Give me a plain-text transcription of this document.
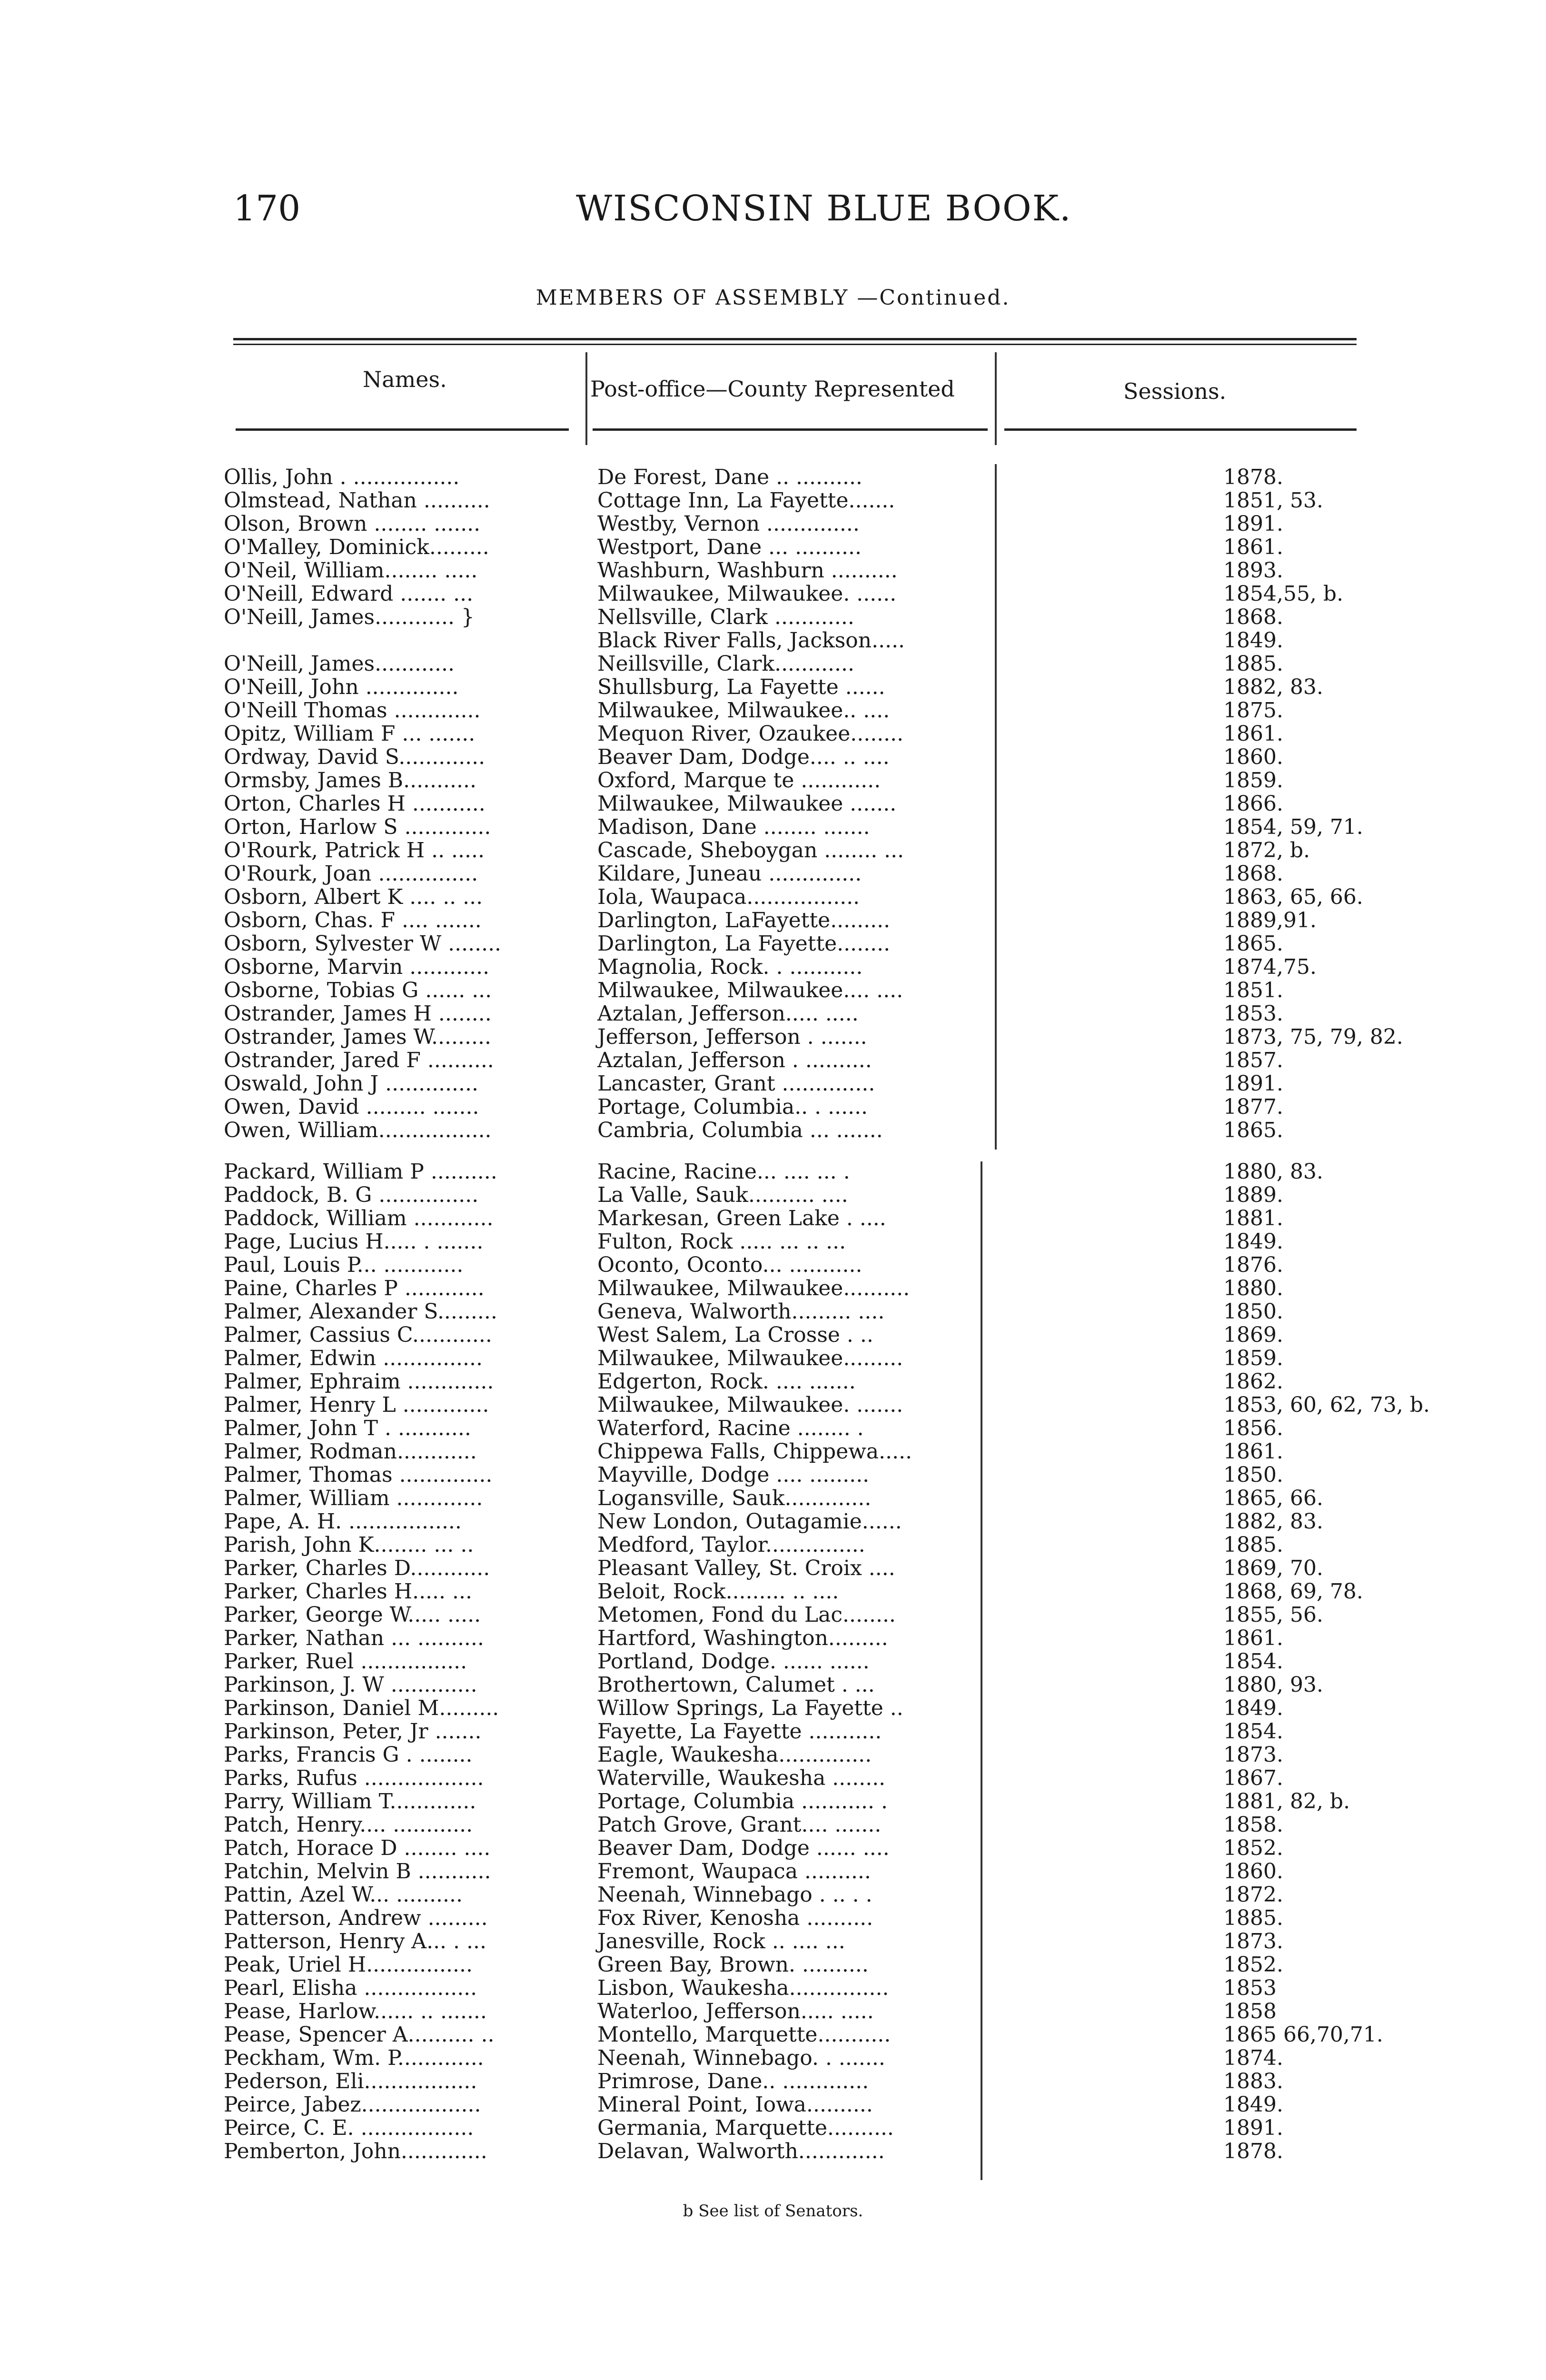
170	WISCONSIN BLUE BOOK.
MEMBERS OF ASSEMBLY —Continued.
Names.	Post-office—County Represented	Sessions.
Ollis, John . ................	De Forest, Dane .. ..........	1878.
Olmstead, Nathan ..........	Cottage Inn, La Fayette.......	1851, 53.
Olson, Brown ........ .......	Westby, Vernon ..............	1891.
O'Malley, Dominick.........	Westport, Dane ... ..........	1861.
O'Neil, William........ .....	Washburn, Washburn ..........	1893.
O'Neill, Edward ....... ...	Milwaukee, Milwaukee. ......	1854,55, b.
O'Neill, James............ }	Nellsville, Clark ............	1868.
Black River Falls, Jackson.....	1849.
O'Neill, James............	Neillsville, Clark............	1885.
O'Neill, John ..............	Shullsburg, La Fayette ......	1882, 83.
O'Neill Thomas .............	Milwaukee, Milwaukee.. ....	1875.
Opitz, William F ... .......	Mequon River, Ozaukee........	1861.
Ordway, David S.............	Beaver Dam, Dodge.... .. ....	1860.
Ormsby, James B...........	Oxford, Marque te ............	1859.
Orton, Charles H ...........	Milwaukee, Milwaukee .......	1866.
Orton, Harlow S .............	Madison, Dane ........ .......	1854, 59, 71.
O'Rourk, Patrick H .. .....	Cascade, Sheboygan ........ ...	1872, b.
O'Rourk, Joan ...............	Kildare, Juneau ..............	1868.
Osborn, Albert K .... .. ...	Iola, Waupaca.................	1863, 65, 66.
Osborn, Chas. F .... .......	Darlington, LaFayette.........	1889,91.
Osborn, Sylvester W ........	Darlington, La Fayette........	1865.
Osborne, Marvin ............	Magnolia, Rock. . ...........	1874,75.
Osborne, Tobias G ...... ...	Milwaukee, Milwaukee.... ....	1851.
Ostrander, James H ........	Aztalan, Jefferson..... .....	1853.
Ostrander, James W.........	Jefferson, Jefferson . .......	1873, 75, 79, 82.
Ostrander, Jared F ..........	Aztalan, Jefferson . ..........	1857.
Oswald, John J ..............	Lancaster, Grant ..............	1891.
Owen, David ......... .......	Portage, Columbia.. . ......	1877.
Owen, William.................	Cambria, Columbia ... .......	1865.
Packard, William P ..........	Racine, Racine... .... ... .	1880, 83.
Paddock, B. G ...............	La Valle, Sauk.......... ....	1889.
Paddock, William ............	Markesan, Green Lake . ....	1881.
Page, Lucius H..... . .......	Fulton, Rock ..... ... .. ...	1849.
Paul, Louis P... ............	Oconto, Oconto... ...........	1876.
Paine, Charles P ............	Milwaukee, Milwaukee..........	1880.
Palmer, Alexander S.........	Geneva, Walworth......... ....	1850.
Palmer, Cassius C............	West Salem, La Crosse . ..	1869.
Palmer, Edwin ...............	Milwaukee, Milwaukee.........	1859.
Palmer, Ephraim .............	Edgerton, Rock. .... .......	1862.
Palmer, Henry L .............	Milwaukee, Milwaukee. .......	1853, 60, 62, 73, b.
Palmer, John T . ...........	Waterford, Racine ........ .	1856.
Palmer, Rodman............	Chippewa Falls, Chippewa.....	1861.
Palmer, Thomas ..............	Mayville, Dodge .... .........	1850.
Palmer, William .............	Logansville, Sauk.............	1865, 66.
Pape, A. H. .................	New London, Outagamie......	1882, 83.
Parish, John K........ ... ..	Medford, Taylor...............	1885.
Parker, Charles D............	Pleasant Valley, St. Croix ....	1869, 70.
Parker, Charles H..... ...	Beloit, Rock......... .. ....	1868, 69, 78.
Parker, George W..... .....	Metomen, Fond du Lac........	1855, 56.
Parker, Nathan ... ..........	Hartford, Washington.........	1861.
Parker, Ruel ................	Portland, Dodge. ...... ......	1854.
Parkinson, J. W .............	Brothertown, Calumet . ...	1880, 93.
Parkinson, Daniel M.........	Willow Springs, La Fayette ..	1849.
Parkinson, Peter, Jr .......	Fayette, La Fayette ...........	1854.
Parks, Francis G . ........	Eagle, Waukesha..............	1873.
Parks, Rufus ..................	Waterville, Waukesha ........	1867.
Parry, William T.............	Portage, Columbia ........... .	1881, 82, b.
Patch, Henry.... ............	Patch Grove, Grant.... .......	1858.
Patch, Horace D ........ ....	Beaver Dam, Dodge ...... ....	1852.
Patchin, Melvin B ...........	Fremont, Waupaca ..........	1860.
Pattin, Azel W... ..........	Neenah, Winnebago . .. . .	1872.
Patterson, Andrew .........	Fox River, Kenosha ..........	1885.
Patterson, Henry A... . ...	Janesville, Rock .. .... ...	1873.
Peak, Uriel H................	Green Bay, Brown. ..........	1852.
Pearl, Elisha .................	Lisbon, Waukesha...............	1853
Pease, Harlow...... .. .......	Waterloo, Jefferson..... .....	1858
Pease, Spencer A.......... ..	Montello, Marquette...........	1865 66,70,71.
Peckham, Wm. P.............	Neenah, Winnebago. . .......	1874.
Pederson, Eli.................	Primrose, Dane.. .............	1883.
Peirce, Jabez..................	Mineral Point, Iowa..........	1849.
Peirce, C. E. .................	Germania, Marquette..........	1891.
Pemberton, John.............	Delavan, Walworth.............	1878.
b See list of Senators.
